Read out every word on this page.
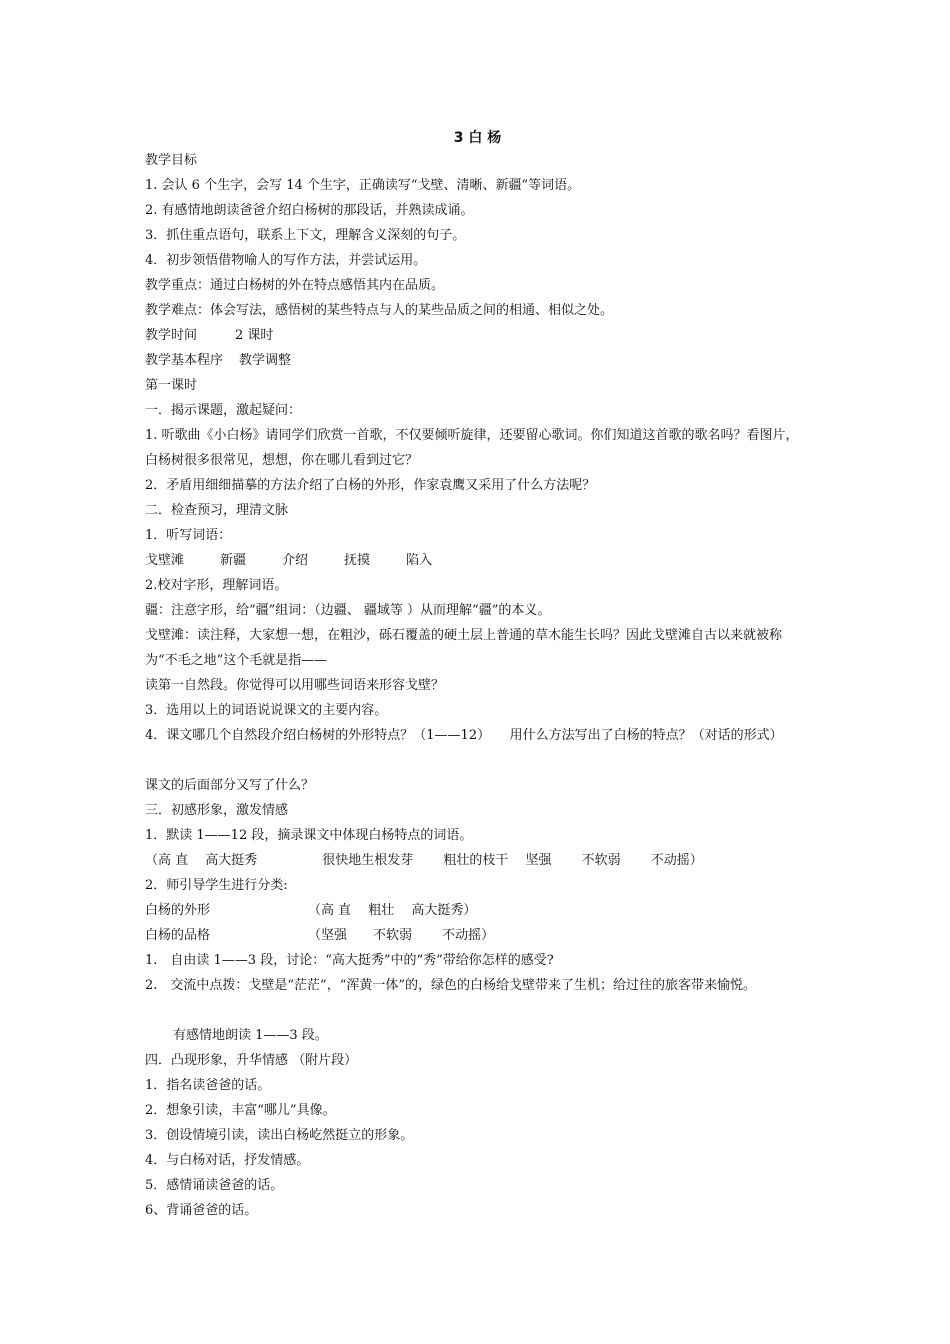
3 白 杨
教学目标
1. 会认 6 个生字，会写 14 个生字，正确读写“戈壁、清晰、新疆”等词语。
2. 有感情地朗读爸爸介绍白杨树的那段话，并熟读成诵。
3．抓住重点语句，联系上下文，理解含义深刻的句子。
4．初步领悟借物喻人的写作方法，并尝试运用。
教学重点：通过白杨树的外在特点感悟其内在品质。
教学难点：体会写法，感悟树的某些特点与人的某些品质之间的相通、相似之处。
教学时间	2 课时
教学基本程序 教学调整
第一课时
一．揭示课题，激起疑问：
1. 听歌曲《小白杨》请同学们欣赏一首歌，不仅要倾听旋律，还要留心歌词。你们知道这首歌的歌名吗？看图片，白杨树很多很常见，想想，你在哪儿看到过它？
2．矛盾用细细描摹的方法介绍了白杨的外形，作家袁鹰又采用了什么方法呢？
二．检查预习，理清文脉
1．听写词语：
戈壁滩	新疆	介绍	抚摸	陷入
2.校对字形，理解词语。
疆：注意字形，给“疆”组词：（边疆、 疆域等 ）从而理解“疆”的本义。
戈壁滩：读注释，大家想一想，在粗沙，砾石覆盖的硬土层上普通的草木能生长吗？因此戈壁滩自古以来就被称为“不毛之地”这个毛就是指——
读第一自然段。你觉得可以用哪些词语来形容戈壁？
3．选用以上的词语说说课文的主要内容。
4．课文哪几个自然段介绍白杨树的外形特点？（1——12）　　用什么方法写出了白杨的特点？（对话的形式）
课文的后面部分又写了什么？
三．初感形象，激发情感
1．默读 1——12 段，摘录课文中体现白杨特点的词语。
（高 直　 高大挺秀　　　　　很快地生根发芽　　 粗壮的枝干　 坚强　　 不软弱　　 不动摇）
2．师引导学生进行分类:
白杨的外形	（高 直　 粗壮　 高大挺秀）
白杨的品格	（坚强　　不软弱　　 不动摇）
1.　自由读 1——3 段，讨论：“高大挺秀”中的“秀”带给你怎样的感受?
2.　交流中点拨：戈壁是“茫茫”，“浑黄一体”的，绿色的白杨给戈壁带来了生机；给过往的旅客带来愉悦。
有感情地朗读 1——3 段。
四．凸现形象，升华情感 （附片段）
1．指名读爸爸的话。
2．想象引读，丰富“哪儿”具像。
3．创设情境引读，读出白杨屹然挺立的形象。
4．与白杨对话，抒发情感。
5．感情诵读爸爸的话。
6、背诵爸爸的话。
